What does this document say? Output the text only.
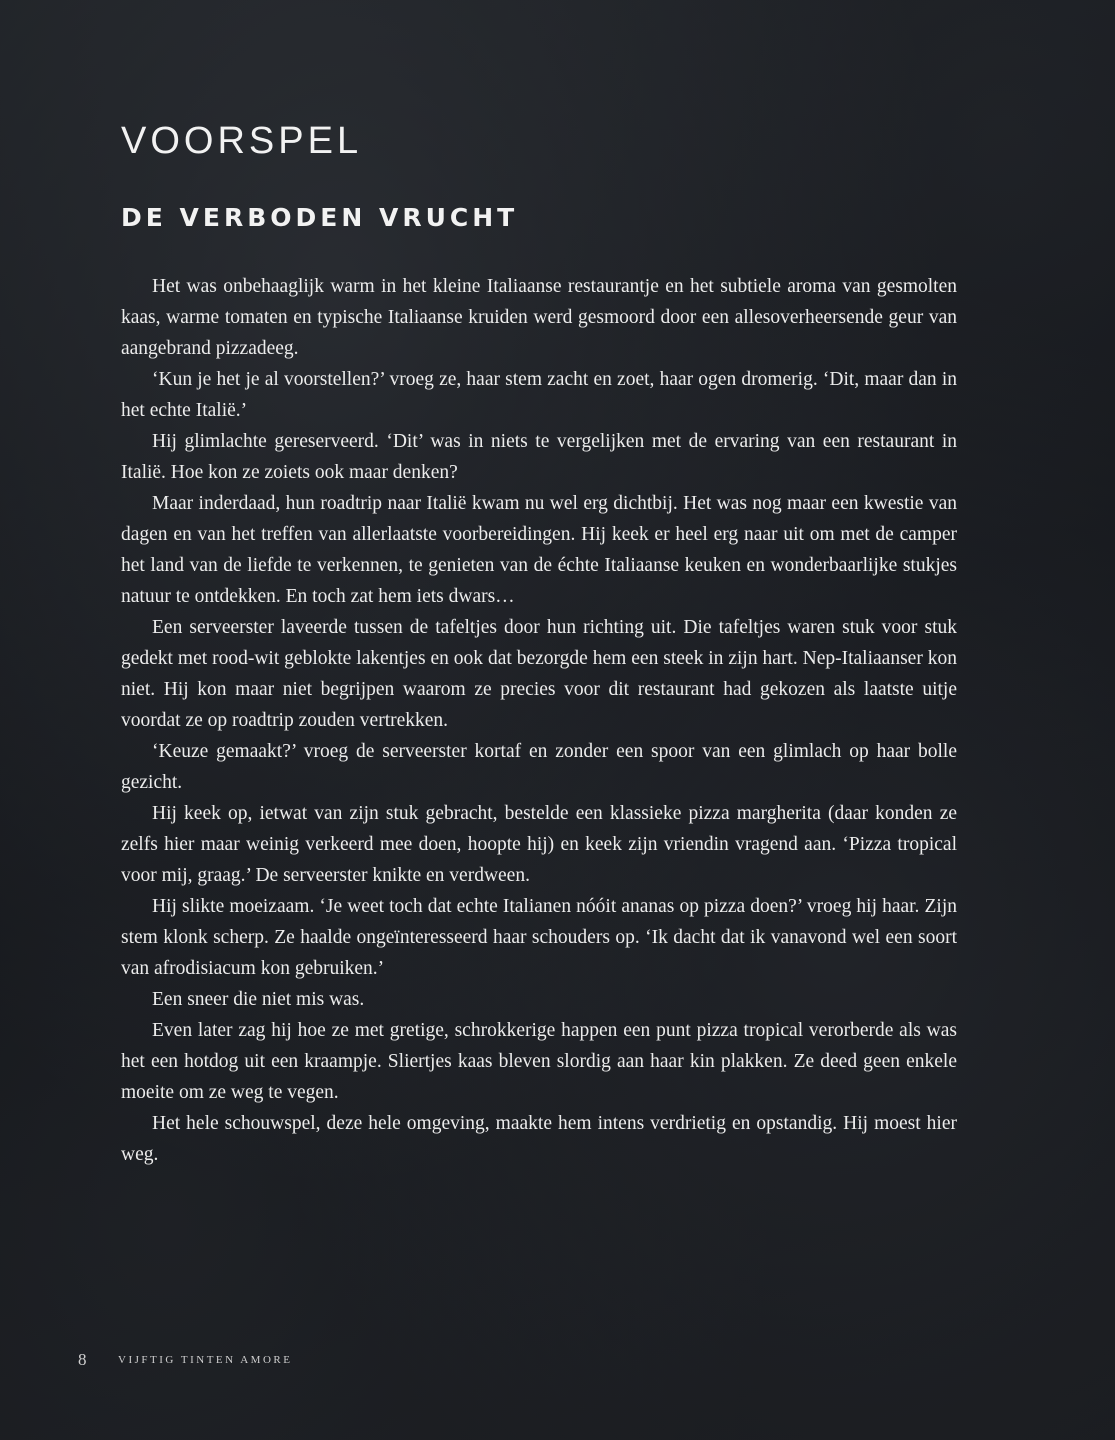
VOORSPEL
DE VERBODEN VRUCHT

Het was onbehaaglijk warm in het kleine Italiaanse restaurantje en het subtiele aroma van gesmolten kaas, warme tomaten en typische Italiaanse kruiden werd gesmoord door een allesoverheersende geur van aangebrand pizzadeeg.

‘Kun je het je al voorstellen?’ vroeg ze, haar stem zacht en zoet, haar ogen dromerig. ‘Dit, maar dan in het echte Italië.’

Hij glimlachte gereserveerd. ‘Dit’ was in niets te vergelijken met de ervaring van een restaurant in Italië. Hoe kon ze zoiets ook maar denken?

Maar inderdaad, hun roadtrip naar Italië kwam nu wel erg dichtbij. Het was nog maar een kwestie van dagen en van het treffen van allerlaatste voorbereidingen. Hij keek er heel erg naar uit om met de camper het land van de liefde te verkennen, te genieten van de échte Italiaanse keuken en wonderbaarlijke stukjes natuur te ontdekken. En toch zat hem iets dwars…

Een serveerster laveerde tussen de tafeltjes door hun richting uit. Die tafeltjes waren stuk voor stuk gedekt met rood-wit geblokte lakentjes en ook dat bezorgde hem een steek in zijn hart. Nep-Italiaanser kon niet. Hij kon maar niet begrijpen waarom ze precies voor dit restaurant had gekozen als laatste uitje voordat ze op roadtrip zouden vertrekken.

‘Keuze gemaakt?’ vroeg de serveerster kortaf en zonder een spoor van een glimlach op haar bolle gezicht.

Hij keek op, ietwat van zijn stuk gebracht, bestelde een klassieke pizza margherita (daar konden ze zelfs hier maar weinig verkeerd mee doen, hoopte hij) en keek zijn vriendin vragend aan. ‘Pizza tropical voor mij, graag.’ De serveerster knikte en verdween.

Hij slikte moeizaam. ‘Je weet toch dat echte Italianen nóóit ananas op pizza doen?’ vroeg hij haar. Zijn stem klonk scherp. Ze haalde ongeïnteresseerd haar schouders op. ‘Ik dacht dat ik vanavond wel een soort van afrodisiacum kon gebruiken.’

Een sneer die niet mis was.

Even later zag hij hoe ze met gretige, schrokkerige happen een punt pizza tropical verorberde als was het een hotdog uit een kraampje. Sliertjes kaas bleven slordig aan haar kin plakken. Ze deed geen enkele moeite om ze weg te vegen.

Het hele schouwspel, deze hele omgeving, maakte hem intens verdrietig en opstandig. Hij moest hier weg.

8	VIJFTIG TINTEN AMORE
